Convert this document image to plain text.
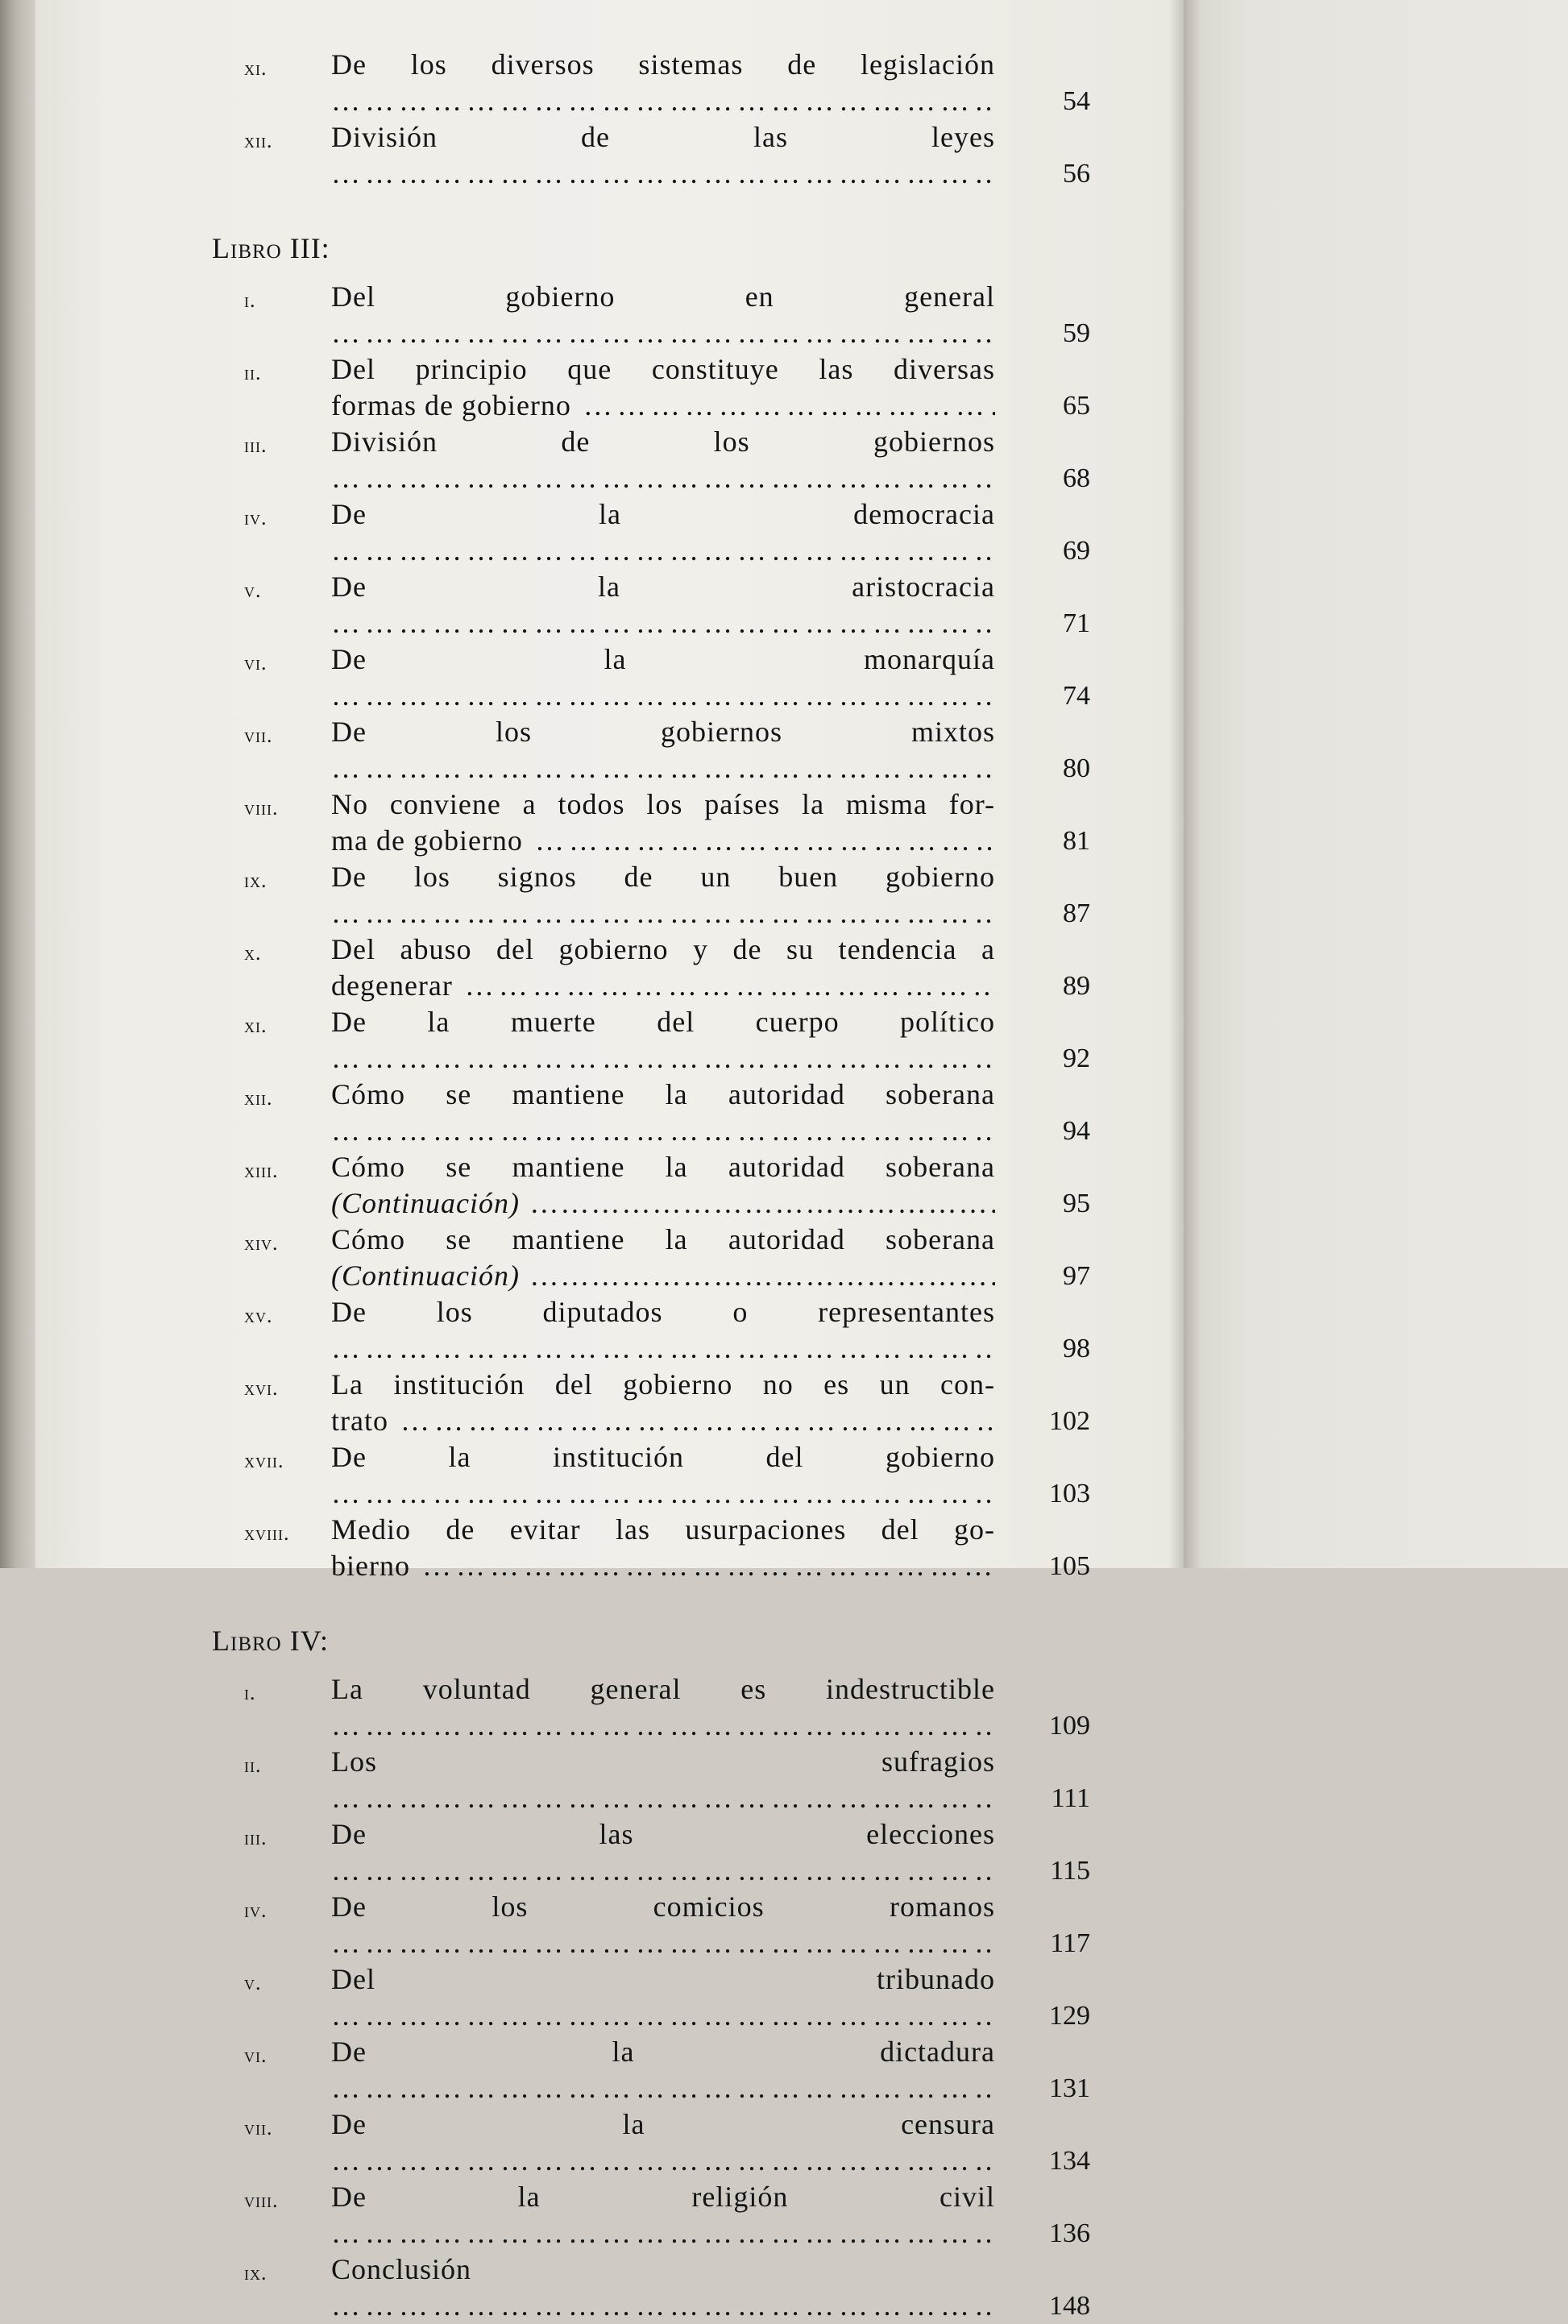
xi.	De los diversos sistemas de legislación ……………………………………………………
54
xii.	División de las leyes ……………………………………………………
56
Libro III:
i.	Del gobierno en general ……………………………………………………
59
ii.	Del principio que constituye las diversas
formas de gobierno ……………………………………………………	65
iii.	División de los gobiernos ……………………………………………………
68
iv.	De la democracia ……………………………………………………
69
v.	De la aristocracia ……………………………………………………
71
vi.	De la monarquía ……………………………………………………
74
vii.	De los gobiernos mixtos ……………………………………………………
80
viii.	No conviene a todos los países la misma for-
ma de gobierno ……………………………………………………	81
ix.	De los signos de un buen gobierno ……………………………………………………
87
x.	Del abuso del gobierno y de su tendencia a
degenerar ……………………………………………………	89
xi.	De la muerte del cuerpo político ……………………………………………………
92
xii.	Cómo se mantiene la autoridad soberana ……………………………………………………
94
xiii.	Cómo se mantiene la autoridad soberana
(Continuación) ……………………………………………………	95
xiv.	Cómo se mantiene la autoridad soberana
(Continuación) ……………………………………………………	97
xv.	De los diputados o representantes ……………………………………………………
98
xvi.	La institución del gobierno no es un con-
trato ……………………………………………………	102
xvii.	De la institución del gobierno ……………………………………………………
103
xviii.	Medio de evitar las usurpaciones del go-
bierno ……………………………………………………	105
Libro IV:
i.	La voluntad general es indestructible ……………………………………………………
109
ii.	Los sufragios ……………………………………………………
111
iii.	De las elecciones ……………………………………………………
115
iv.	De los comicios romanos ……………………………………………………
117
v.	Del tribunado ……………………………………………………
129
vi.	De la dictadura ……………………………………………………
131
vii.	De la censura ……………………………………………………
134
viii.	De la religión civil ……………………………………………………
136
ix.	Conclusión ……………………………………………………
148
